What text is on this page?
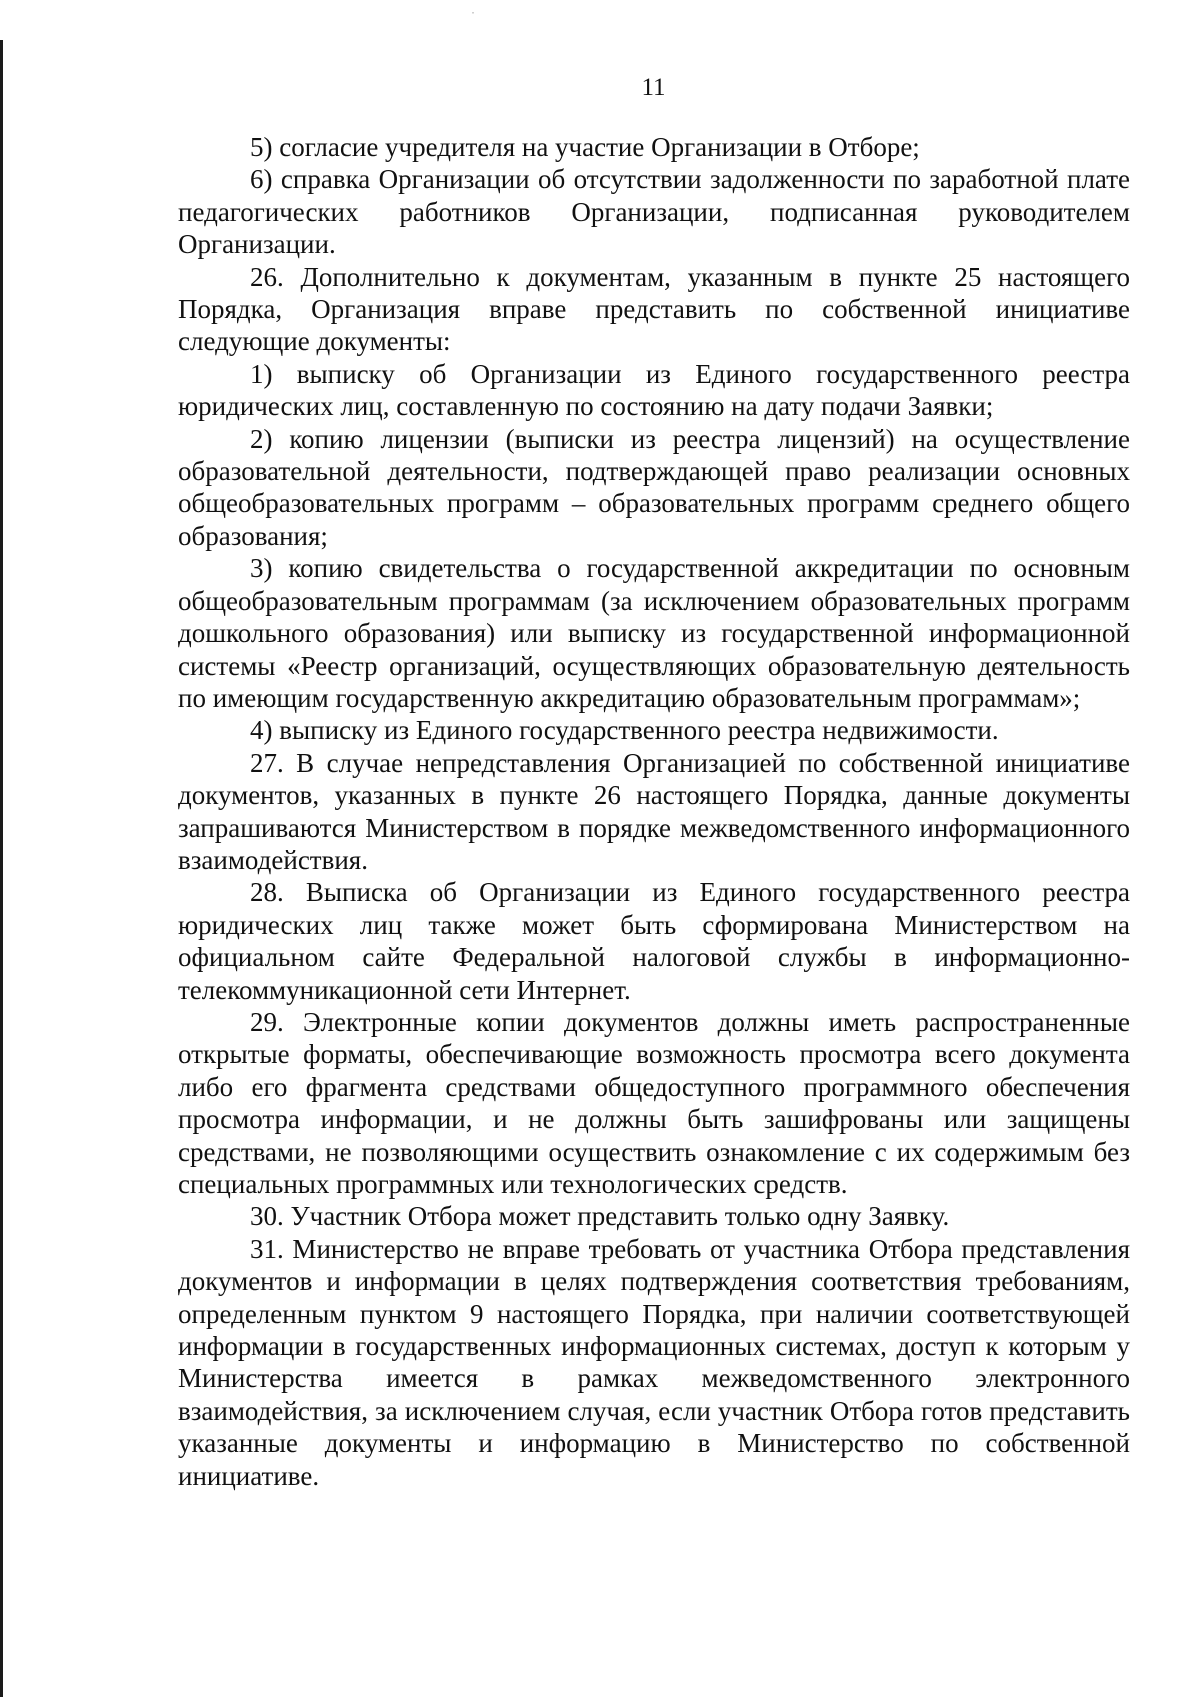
·
11

5) согласие учредителя на участие Организации в Отборе;

6) справка Организации об отсутствии задолженности по заработной плате педагогических работников Организации, подписанная руководителем Организации.

26. Дополнительно к документам, указанным в пункте 25 настоящего Порядка, Организация вправе представить по собственной инициативе следующие документы:

1) выписку об Организации из Единого государственного реестра юридических лиц, составленную по состоянию на дату подачи Заявки;

2) копию лицензии (выписки из реестра лицензий) на осуществление образовательной деятельности, подтверждающей право реализации основных общеобразовательных программ – образовательных программ среднего общего образования;

3) копию свидетельства о государственной аккредитации по основным общеобразовательным программам (за исключением образовательных программ дошкольного образования) или выписку из государственной информационной системы «Реестр организаций, осуществляющих образовательную деятельность по имеющим государственную аккредитацию образовательным программам»;

4) выписку из Единого государственного реестра недвижимости.

27. В случае непредставления Организацией по собственной инициативе документов, указанных в пункте 26 настоящего Порядка, данные документы запрашиваются Министерством в порядке межведомственного информационного взаимодействия.

28. Выписка об Организации из Единого государственного реестра юридических лиц также может быть сформирована Министерством на официальном сайте Федеральной налоговой службы в информационно-телекоммуникационной сети Интернет.

29. Электронные копии документов должны иметь распространенные открытые форматы, обеспечивающие возможность просмотра всего документа либо его фрагмента средствами общедоступного программного обеспечения просмотра информации, и не должны быть зашифрованы или защищены средствами, не позволяющими осуществить ознакомление с их содержимым без специальных программных или технологических средств.

30. Участник Отбора может представить только одну Заявку.

31. Министерство не вправе требовать от участника Отбора представления документов и информации в целях подтверждения соответствия требованиям, определенным пунктом 9 настоящего Порядка, при наличии соответствующей информации в государственных информационных системах, доступ к которым у Министерства имеется в рамках межведомственного электронного взаимодействия, за исключением случая, если участник Отбора готов представить указанные документы и информацию в Министерство по собственной инициативе.
